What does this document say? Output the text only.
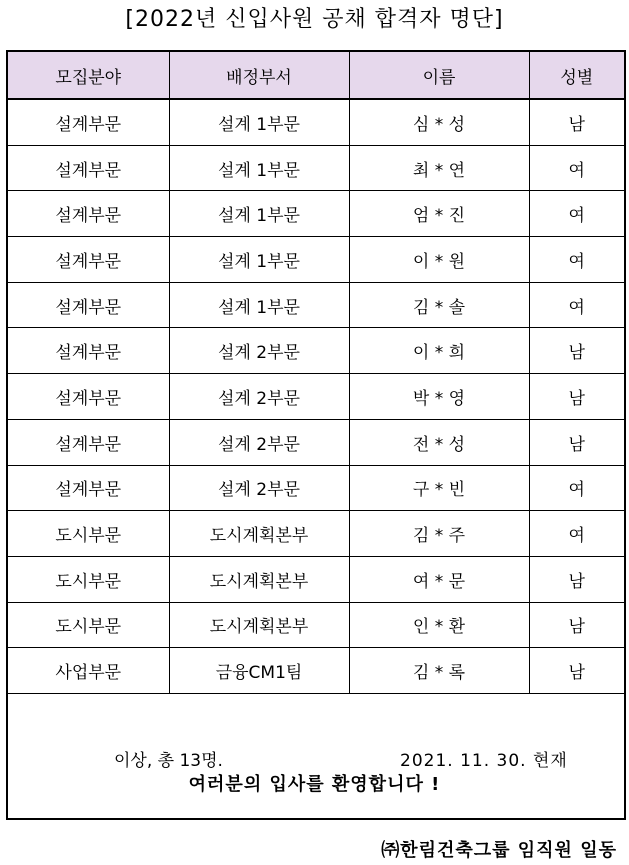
[2022년 신입사원 공채 합격자 명단]
모집분야	배정부서	이름	성별
설계부문	설계 1부문	심 * 성	남
설계부문	설계 1부문	최 * 연	여
설계부문	설계 1부문	엄 * 진	여
설계부문	설계 1부문	이 * 원	여
설계부문	설계 1부문	김 * 솔	여
설계부문	설계 2부문	이 * 희	남
설계부문	설계 2부문	박 * 영	남
설계부문	설계 2부문	전 * 성	남
설계부문	설계 2부문	구 * 빈	여
도시부문	도시계획본부	김 * 주	여
도시부문	도시계획본부	여 * 문	남
도시부문	도시계획본부	인 * 환	남
사업부문	금융CM1팀	김 * 록	남

이상, 총 13명.

2021. 11. 30. 현재			

여러분의 입사를 환영합니다 !
㈜한림건축그룹 임직원 일동
